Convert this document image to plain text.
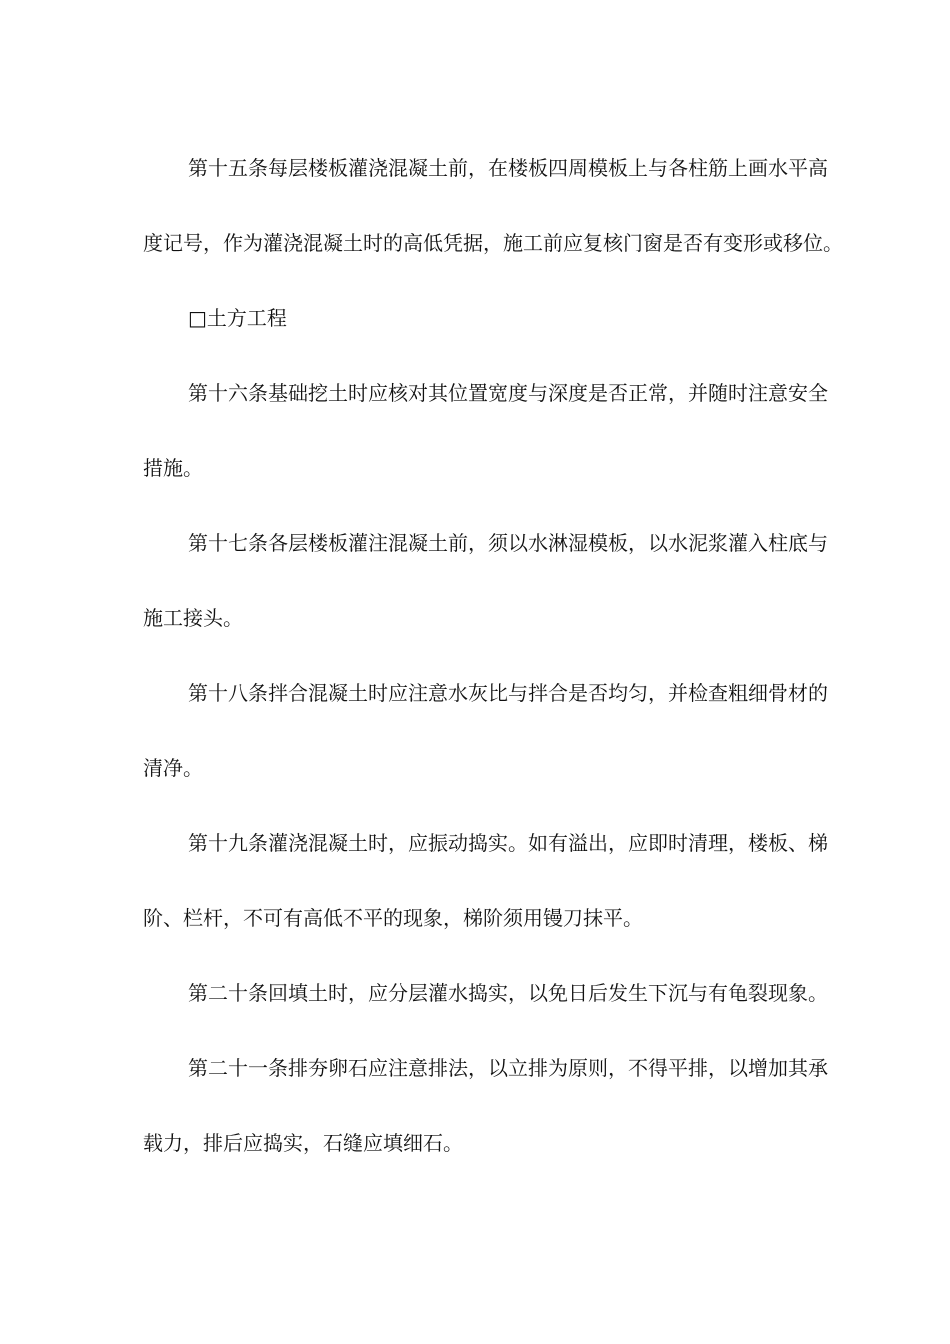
第十五条每层楼板灌浇混凝土前，在楼板四周模板上与各柱筋上画水平高
度记号，作为灌浇混凝土时的高低凭据，施工前应复核门窗是否有变形或移位。

□土方工程

第十六条基础挖土时应核对其位置宽度与深度是否正常，并随时注意安全
措施。

第十七条各层楼板灌注混凝土前，须以水淋湿模板，以水泥浆灌入柱底与
施工接头。

第十八条拌合混凝土时应注意水灰比与拌合是否均匀，并检查粗细骨材的
清净。

第十九条灌浇混凝土时，应振动捣实。如有溢出，应即时清理，楼板、梯
阶、栏杆，不可有高低不平的现象，梯阶须用镘刀抹平。

第二十条回填土时，应分层灌水捣实，以免日后发生下沉与有龟裂现象。

第二十一条排夯卵石应注意排法，以立排为原则，不得平排，以增加其承
载力，排后应捣实，石缝应填细石。
